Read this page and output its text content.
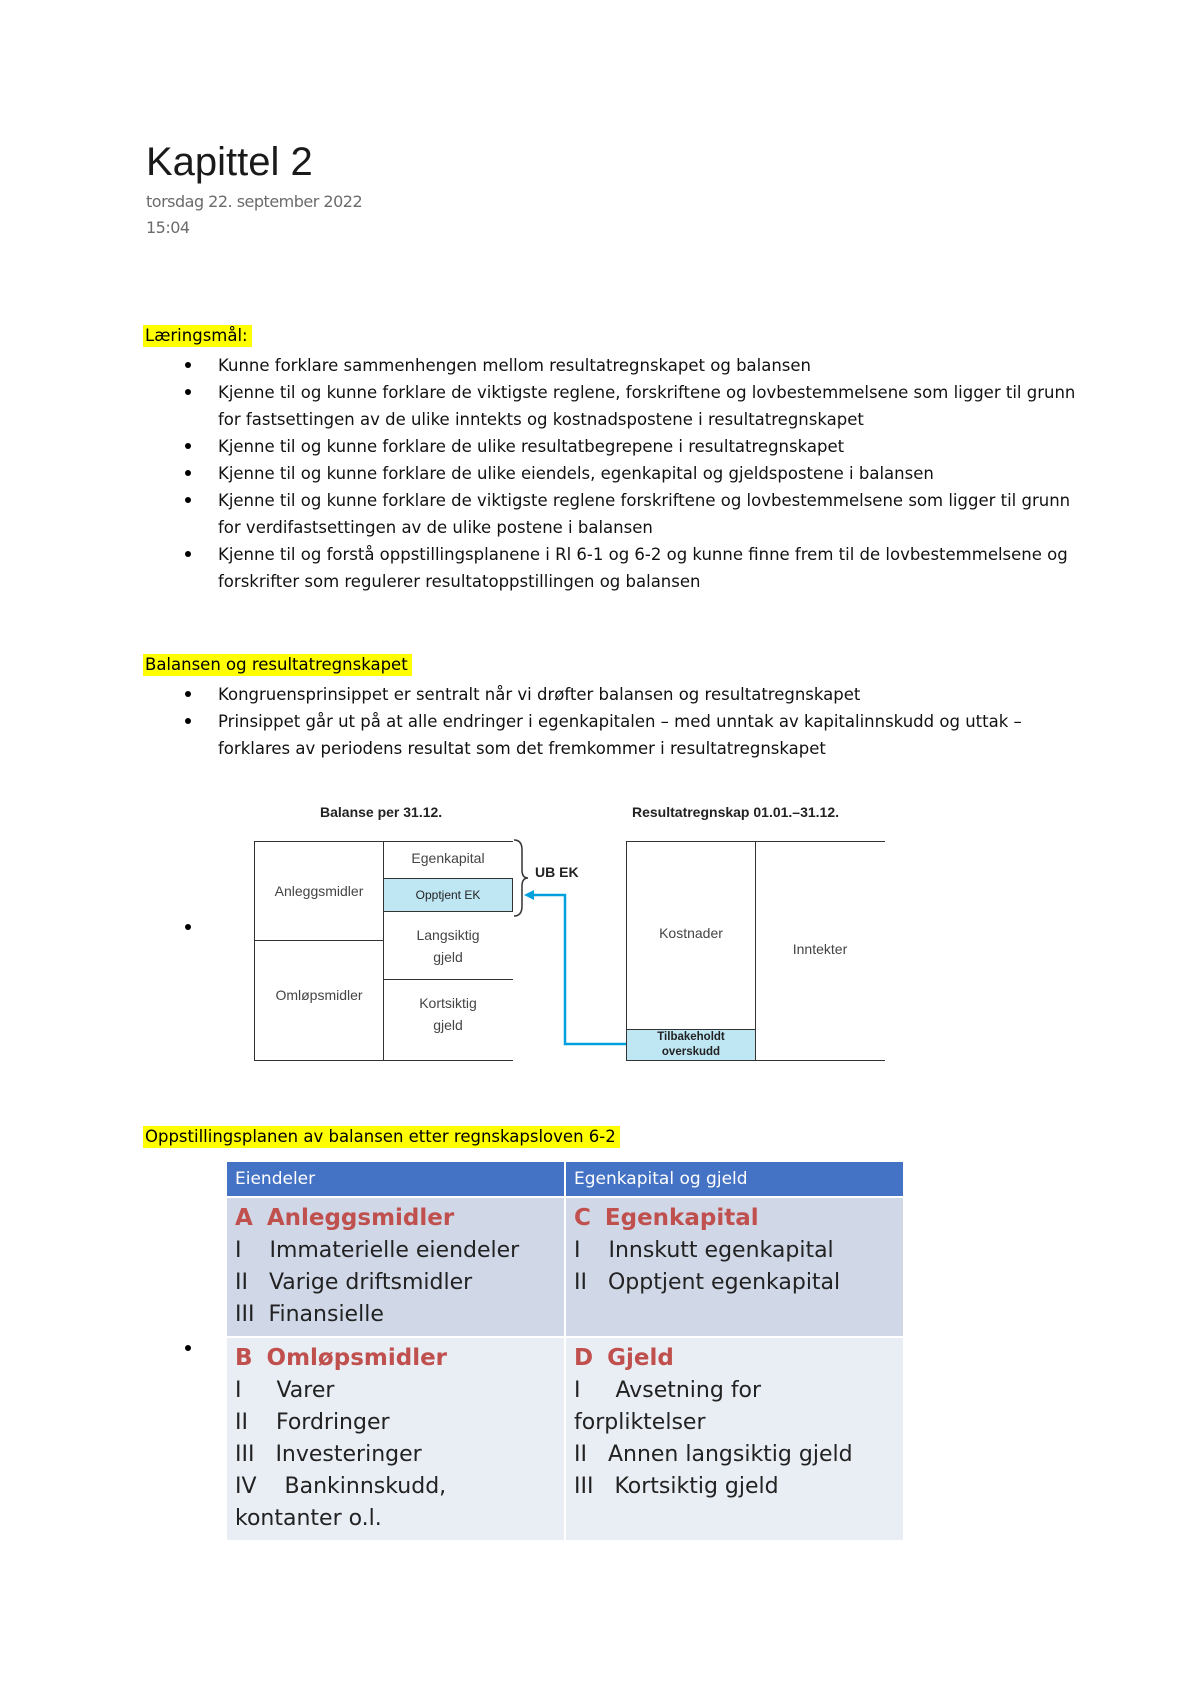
Kapittel 2
torsdag 22. september 2022
15:04
Læringsmål:
Kunne forklare sammenhengen mellom resultatregnskapet og balansen
Kjenne til og kunne forklare de viktigste reglene, forskriftene og lovbestemmelsene som ligger til grunn for fastsettingen av de ulike inntekts og kostnadspostene i resultatregnskapet
Kjenne til og kunne forklare de ulike resultatbegrepene i resultatregnskapet
Kjenne til og kunne forklare de ulike eiendels, egenkapital og gjeldspostene i balansen
Kjenne til og kunne forklare de viktigste reglene forskriftene og lovbestemmelsene som ligger til grunn for verdifastsettingen av de ulike postene i balansen
Kjenne til og forstå oppstillingsplanene i Rl 6-1 og 6-2 og kunne finne frem til de lovbestemmelsene og forskrifter som regulerer resultatoppstillingen og balansen
Balansen og resultatregnskapet
Kongruensprinsippet er sentralt når vi drøfter balansen og resultatregnskapet
Prinsippet går ut på at alle endringer i egenkapitalen – med unntak av kapitalinnskudd og uttak – forklares av periodens resultat som det fremkommer i resultatregnskapet
Balanse per 31.12.	Resultatregnskap 01.01.–31.12.
Anleggsmidler
Omløpsmidler
Egenkapital
Opptjent EK
Langsiktig
gjeld
Kortsiktig
gjeld
UB EK
Kostnader
Tilbakeholdt
overskudd
Inntekter
Oppstillingsplanen av balansen etter regnskapsloven 6-2
Eiendeler	Egenkapital og gjeld
A Anleggsmidler
I    Immaterielle eiendeler
II   Varige driftsmidler
III  Finansielle
C Egenkapital
I    Innskutt egenkapital
II   Opptjent egenkapital
B Omløpsmidler
I     Varer
II    Fordringer
III   Investeringer
IV    Bankinnskudd,
kontanter o.l.
D Gjeld
I     Avsetning for
forpliktelser
II   Annen langsiktig gjeld
III   Kortsiktig gjeld
